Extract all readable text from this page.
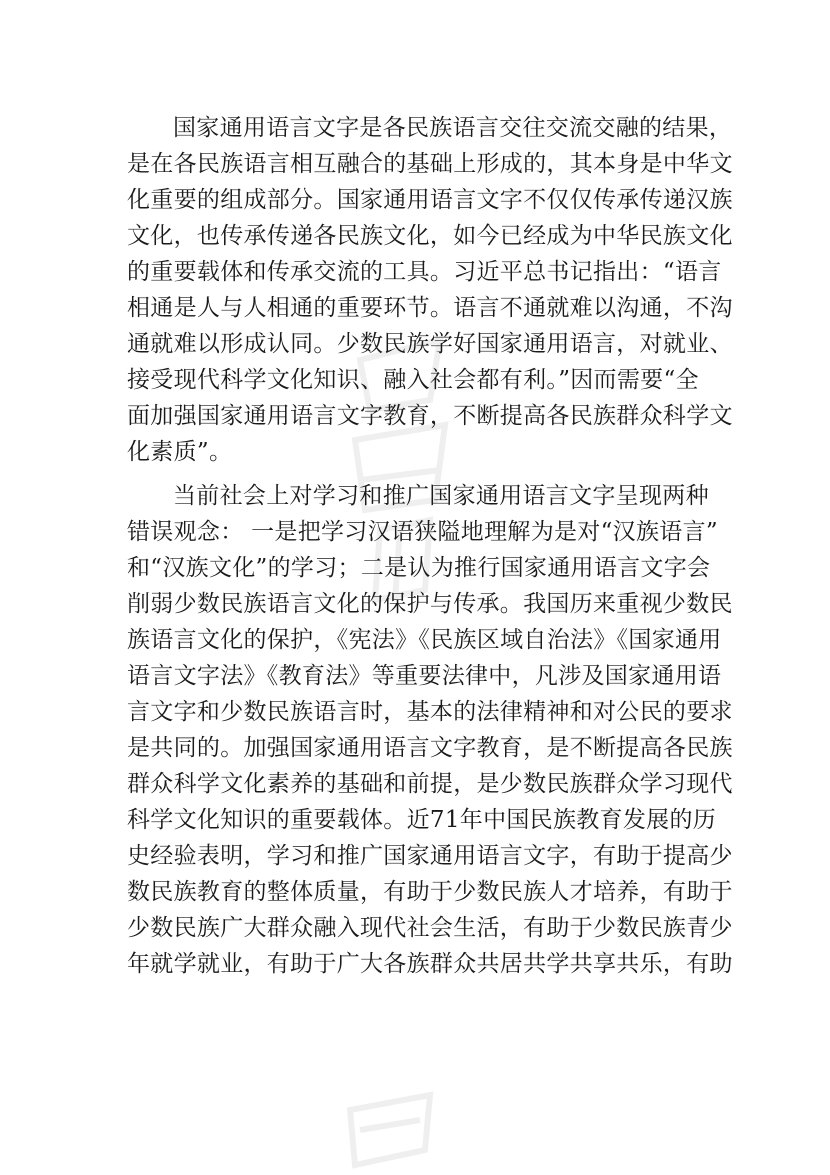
国家通用语言文字是各民族语言交往交流交融的结果，
是在各民族语言相互融合的基础上形成的，其本身是中华文
化重要的组成部分。国家通用语言文字不仅仅传承传递汉族
文化，也传承传递各民族文化，如今已经成为中华民族文化
的重要载体和传承交流的工具。习近平总书记指出：“语言
相通是人与人相通的重要环节。语言不通就难以沟通，不沟
通就难以形成认同。少数民族学好国家通用语言，对就业、
接受现代科学文化知识、融入社会都有利。”因而需要“全
面加强国家通用语言文字教育，不断提高各民族群众科学文
化素质”。
当前社会上对学习和推广国家通用语言文字呈现两种
错误观念： 一是把学习汉语狭隘地理解为是对“汉族语言”
和“汉族文化”的学习；二是认为推行国家通用语言文字会
削弱少数民族语言文化的保护与传承。我国历来重视少数民
族语言文化的保护，《宪法》《民族区域自治法》《国家通用
语言文字法》《教育法》等重要法律中，凡涉及国家通用语
言文字和少数民族语言时，基本的法律精神和对公民的要求
是共同的。加强国家通用语言文字教育，是不断提高各民族
群众科学文化素养的基础和前提，是少数民族群众学习现代
科学文化知识的重要载体。近71年中国民族教育发展的历
史经验表明，学习和推广国家通用语言文字，有助于提高少
数民族教育的整体质量，有助于少数民族人才培养，有助于
少数民族广大群众融入现代社会生活，有助于少数民族青少
年就学就业，有助于广大各族群众共居共学共享共乐，有助
